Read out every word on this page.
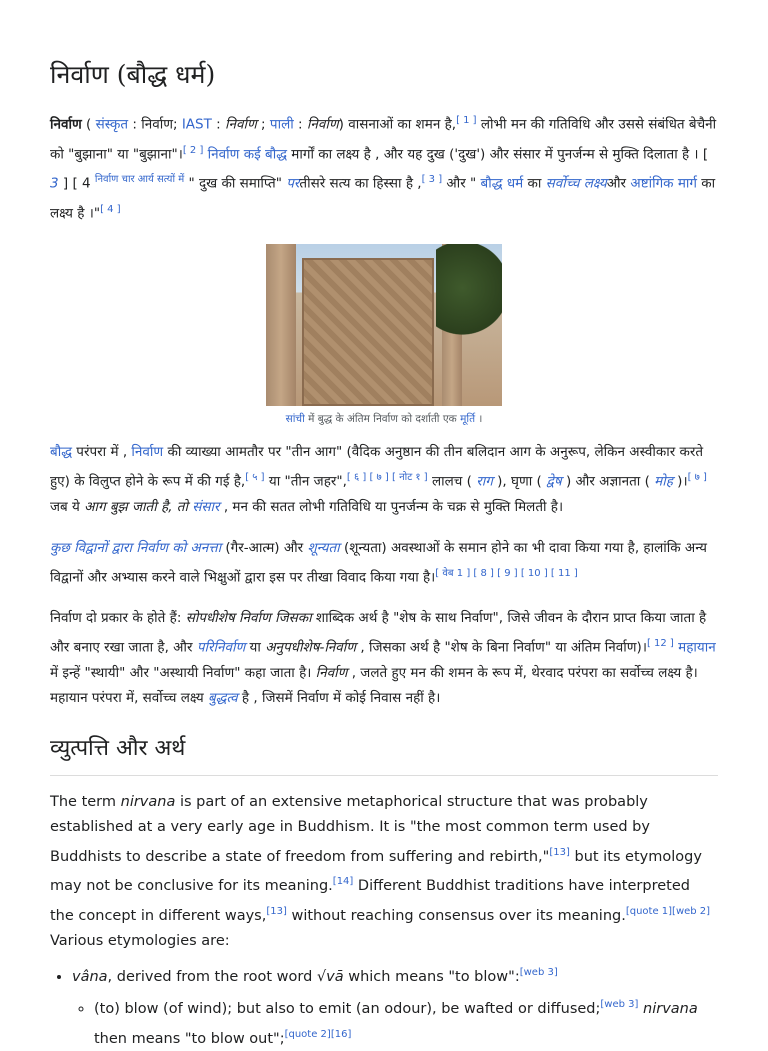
निर्वाण (बौद्ध धर्म)

निर्वाण ( संस्कृत : निर्वाण; IAST : निर्वाण ; पाली : निर्वाण) वासनाओं का शमन है,[ 1 ] लोभी मन की गतिविधि और उससे संबंधित बेचैनी को "बुझाना" या "बुझाना"।[ 2 ] निर्वाण कई बौद्ध मार्गों का लक्ष्य है , और यह दुख ('दुख') और संसार में पुनर्जन्म से मुक्ति दिलाता है । [ 3 ] [ 4 $^{निर्वाण चार आर्य सत्यों में}$ " दुख की समाप्ति" परतीसरे सत्य का हिस्सा है ,[ 3 ] और " बौद्ध धर्म का सर्वोच्च लक्ष्यऔर अष्टांगिक मार्ग का लक्ष्य है ।"[ 4 ]

सांची में बुद्ध के अंतिम निर्वाण को दर्शाती एक मूर्ति ।

बौद्ध परंपरा में , निर्वाण की व्याख्या आमतौर पर "तीन आग" (वैदिक अनुष्ठान की तीन बलिदान आग के अनुरूप, लेकिन अस्वीकार करते हुए) के विलुप्त होने के रूप में की गई है,[ ५ ] या "तीन जहर",[ ६ ] [ ७ ] [ नोट १ ] लालच ( राग ), घृणा ( द्वेष ) और अज्ञानता ( मोह )।[ ७ ] जब ये आग बुझ जाती है, तो संसार , मन की सतत लोभी गतिविधि या पुनर्जन्म के चक्र से मुक्ति मिलती है।

कुछ विद्वानों द्वारा निर्वाण को अनत्ता (गैर-आत्म) और शून्यता (शून्यता) अवस्थाओं के समान होने का भी दावा किया गया है, हालांकि अन्य विद्वानों और अभ्यास करने वाले भिक्षुओं द्वारा इस पर तीखा विवाद किया गया है।[ वेब 1 ] [ 8 ] [ 9 ] [ 10 ] [ 11 ]

निर्वाण दो प्रकार के होते हैं: सोपधीशेष निर्वाण जिसका शाब्दिक अर्थ है "शेष के साथ निर्वाण", जिसे जीवन के दौरान प्राप्त किया जाता है और बनाए रखा जाता है, और परिनिर्वाण या अनुपधीशेष-निर्वाण , जिसका अर्थ है "शेष के बिना निर्वाण" या अंतिम निर्वाण)।[ 12 ] महायान में इन्हें "स्थायी" और "अस्थायी निर्वाण" कहा जाता है। निर्वाण , जलते हुए मन की शमन के रूप में, थेरवाद परंपरा का सर्वोच्च लक्ष्य है। महायान परंपरा में, सर्वोच्च लक्ष्य बुद्धत्व है , जिसमें निर्वाण में कोई निवास नहीं है।

व्युत्पत्ति और अर्थ

The term nirvana is part of an extensive metaphorical structure that was probably established at a very early age in Buddhism. It is "the most common term used by Buddhists to describe a state of freedom from suffering and rebirth,"[13] but its etymology may not be conclusive for its meaning.[14] Different Buddhist traditions have interpreted the concept in different ways,[13] without reaching consensus over its meaning.[quote 1][web 2] Various etymologies are:

• vâna, derived from the root word √vā which means "to blow":[web 3]
◦ (to) blow (of wind); but also to emit (an odour), be wafted or diffused;[web 3] nirvana then means "to blow out";[quote 2][16]
